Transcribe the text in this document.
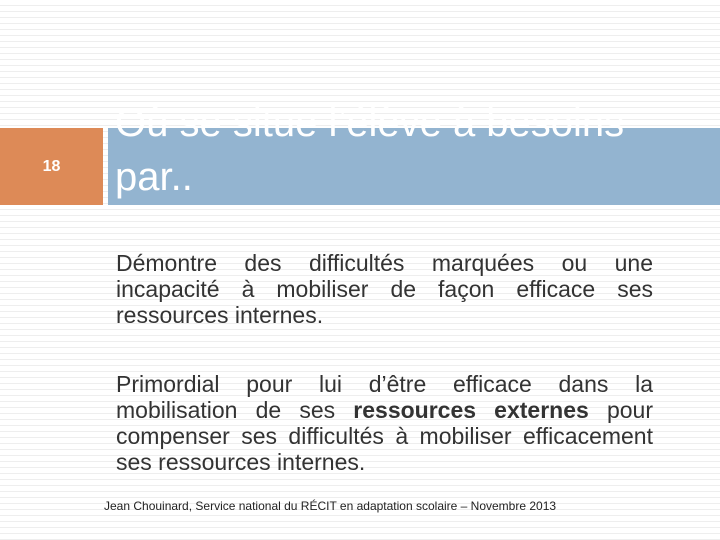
18
Où se situe l’élève à besoins
par..

Démontre des difficultés marquées ou une incapacité à mobiliser de façon efficace ses ressources internes.

Primordial pour lui d’être efficace dans la mobilisation de ses ressources externes pour compenser ses difficultés à mobiliser efficacement ses ressources internes.

Jean Chouinard, Service national du RÉCIT en adaptation scolaire – Novembre 2013
